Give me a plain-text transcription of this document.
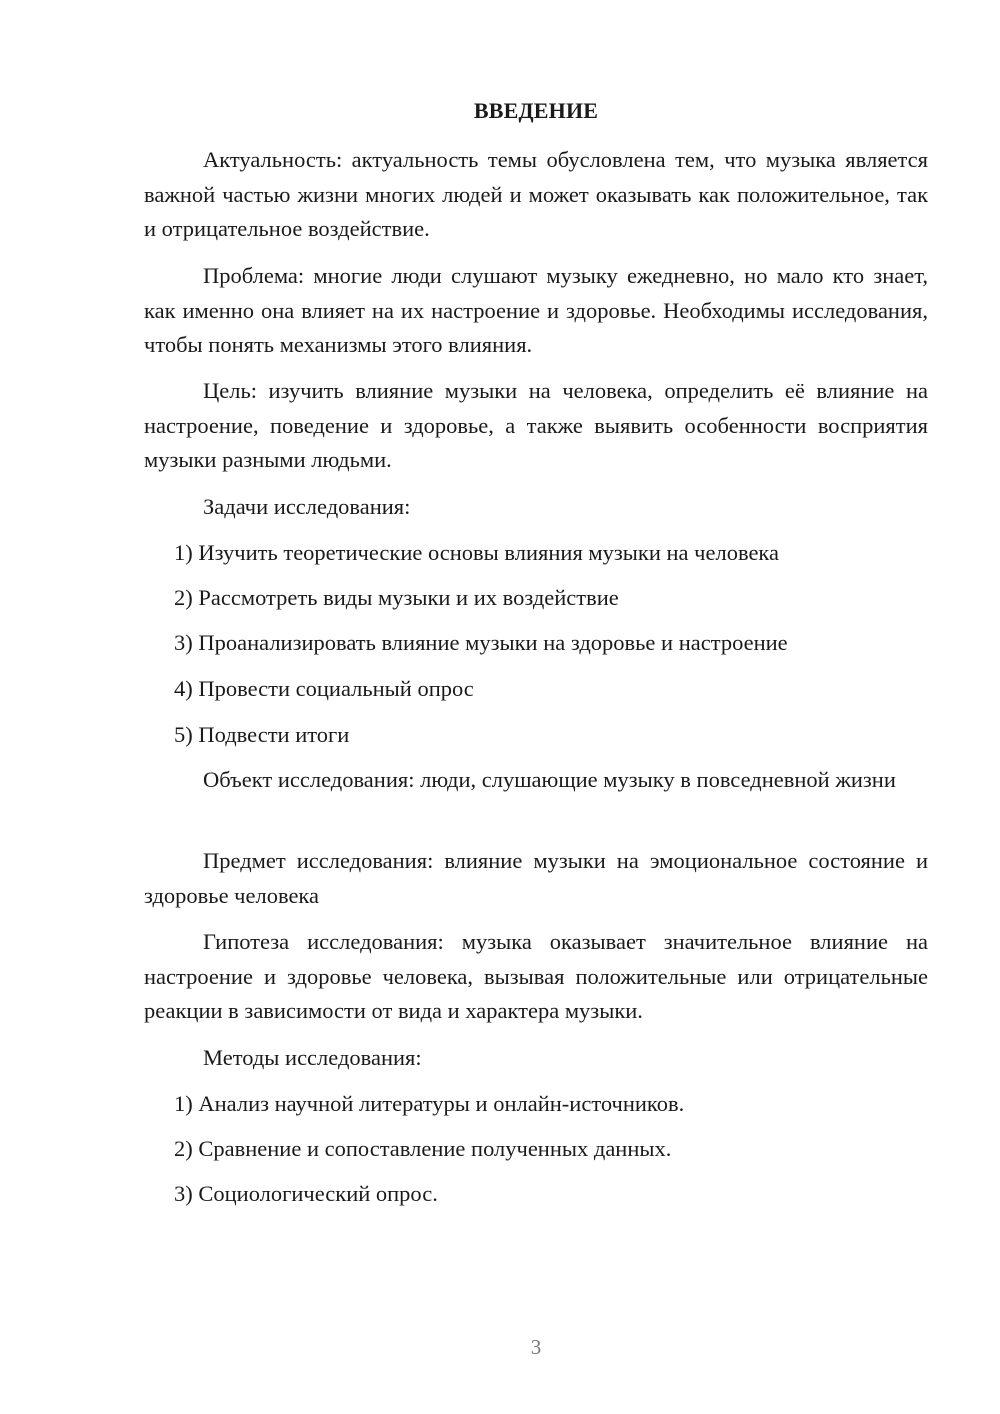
ВВЕДЕНИЕ

Актуальность: актуальность темы обусловлена тем, что музыка является важной частью жизни многих людей и может оказывать как положительное, так и отрицательное воздействие.

Проблема: многие люди слушают музыку ежедневно, но мало кто знает, как именно она влияет на их настроение и здоровье. Необходимы исследования, чтобы понять механизмы этого влияния.

Цель: изучить влияние музыки на человека, определить её влияние на настроение, поведение и здоровье, а также выявить особенности восприятия музыки разными людьми.

Задачи исследования:

1) Изучить теоретические основы влияния музыки на человека

2) Рассмотреть виды музыки и их воздействие

3) Проанализировать влияние музыки на здоровье и настроение

4) Провести социальный опрос

5) Подвести итоги

Объект исследования: люди, слушающие музыку в повседневной жизни

Предмет исследования: влияние музыки на эмоциональное состояние и здоровье человека

Гипотеза исследования: музыка оказывает значительное влияние на настроение и здоровье человека, вызывая положительные или отрицательные реакции в зависимости от вида и характера музыки.

Методы исследования:

1) Анализ научной литературы и онлайн-источников.

2) Сравнение и сопоставление полученных данных.

3) Социологический опрос.

3
